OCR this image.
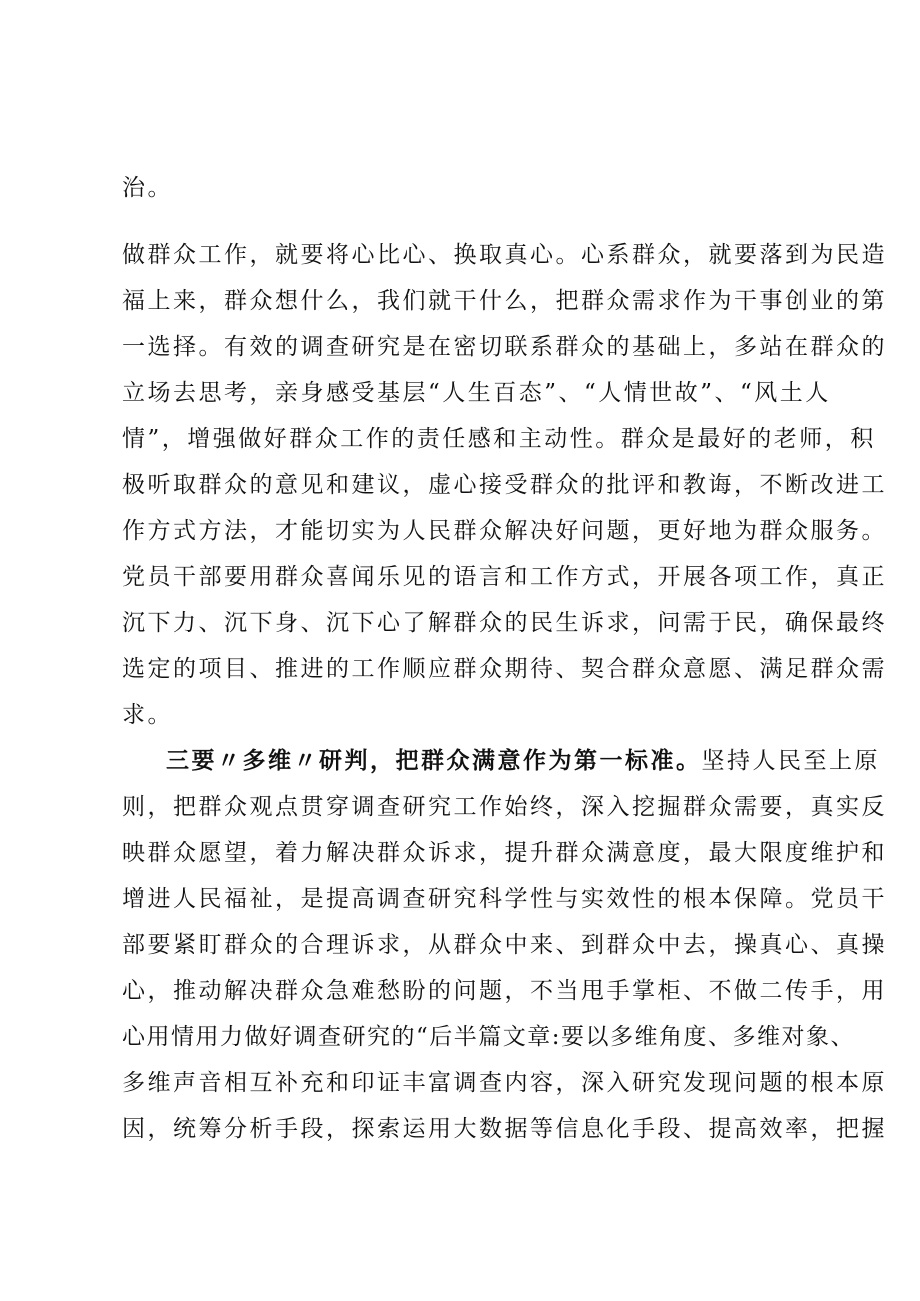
治。
做群众工作，就要将心比心、换取真心。心系群众，就要落到为民造
福上来，群众想什么，我们就干什么，把群众需求作为干事创业的第
一选择。有效的调查研究是在密切联系群众的基础上，多站在群众的
立场去思考，亲身感受基层“人生百态”、“人情世故”、“风土人
情”，增强做好群众工作的责任感和主动性。群众是最好的老师，积
极听取群众的意见和建议，虚心接受群众的批评和教诲，不断改进工
作方式方法，才能切实为人民群众解决好问题，更好地为群众服务。
党员干部要用群众喜闻乐见的语言和工作方式，开展各项工作，真正
沉下力、沉下身、沉下心了解群众的民生诉求，问需于民，确保最终
选定的项目、推进的工作顺应群众期待、契合群众意愿、满足群众需
求。
三要〃多维〃研判，把群众满意作为第一标准。坚持人民至上原
则，把群众观点贯穿调查研究工作始终，深入挖掘群众需要，真实反
映群众愿望，着力解决群众诉求，提升群众满意度，最大限度维护和
增进人民福祉，是提高调查研究科学性与实效性的根本保障。党员干
部要紧盯群众的合理诉求，从群众中来、到群众中去，操真心、真操
心，推动解决群众急难愁盼的问题，不当甩手掌柜、不做二传手，用
心用情用力做好调查研究的“后半篇文章:要以多维角度、多维对象、
多维声音相互补充和印证丰富调查内容，深入研究发现问题的根本原
因，统筹分析手段，探索运用大数据等信息化手段、提高效率，把握
